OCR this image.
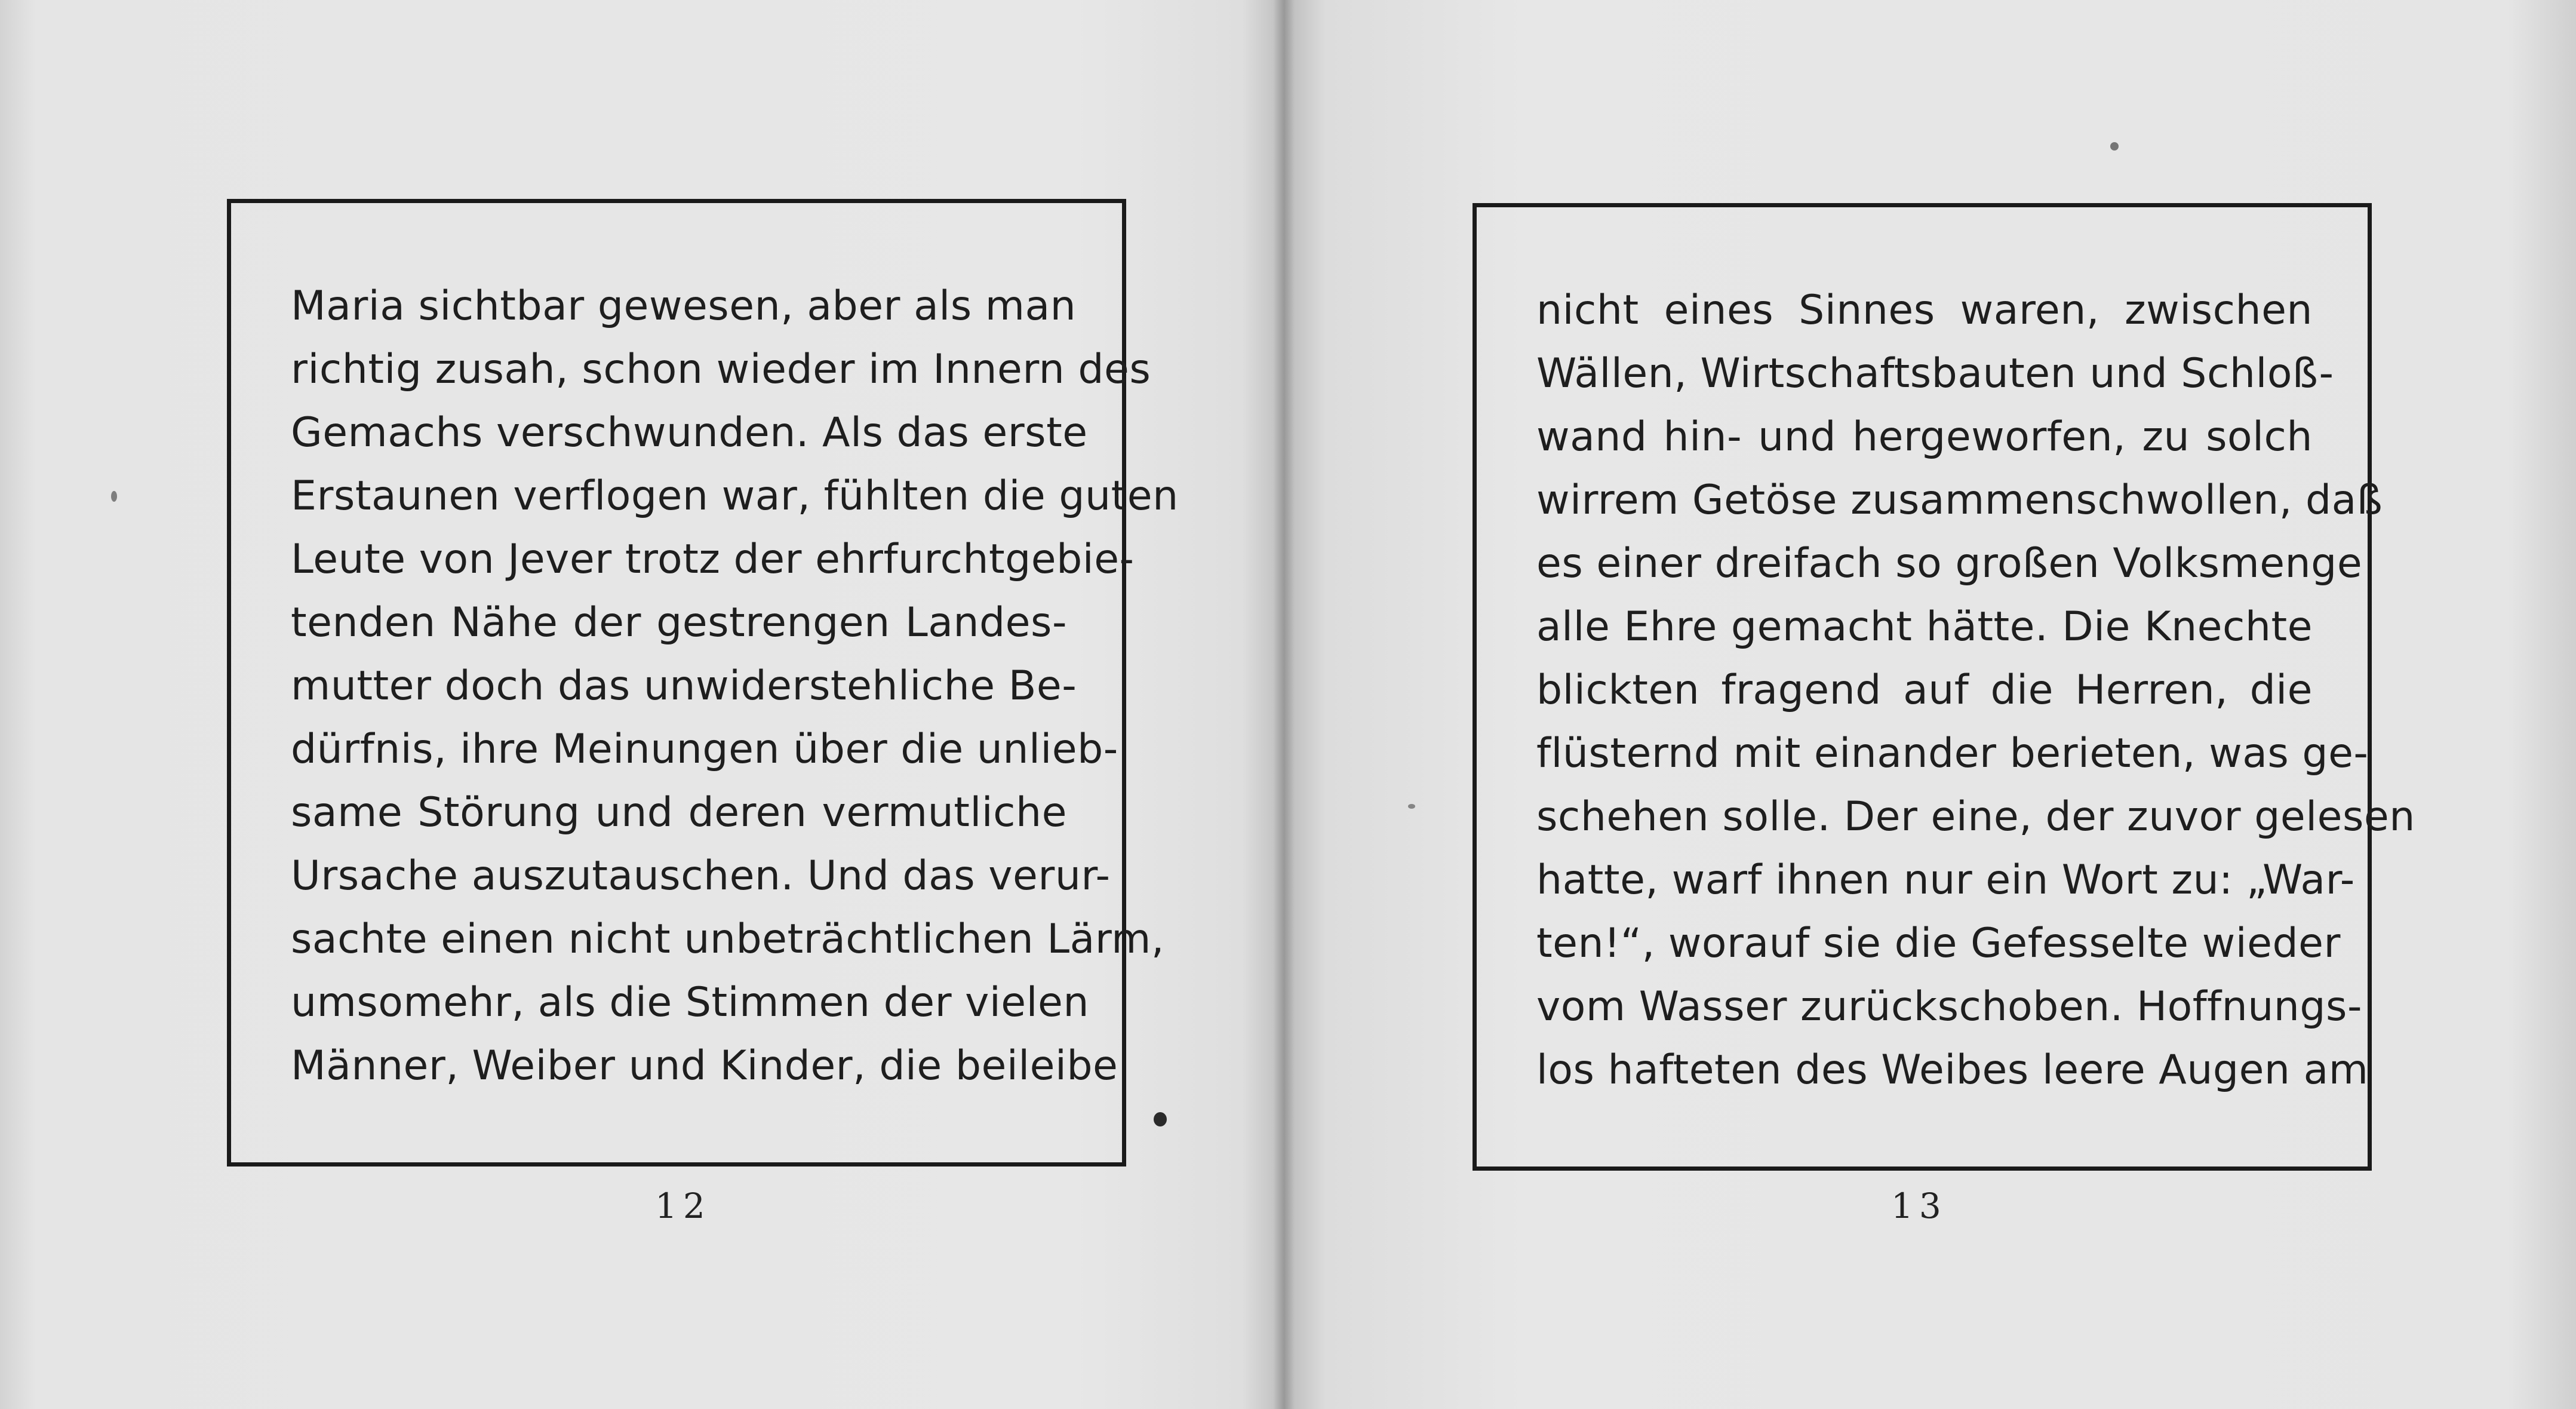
Maria sichtbar gewesen, aber als man
richtig zusah, schon wieder im Innern des
Gemachs verschwunden. Als das erste
Erstaunen verflogen war, fühlten die guten
Leute von Jever trotz der ehrfurchtgebie-
tenden Nähe der gestrengen Landes-
mutter doch das unwiderstehliche Be-
dürfnis, ihre Meinungen über die unlieb-
same Störung und deren vermutliche
Ursache auszutauschen. Und das verur-
sachte einen nicht unbeträchtlichen Lärm,
umsomehr, als die Stimmen der vielen
Männer, Weiber und Kinder, die beileibe
12
nicht eines Sinnes waren, zwischen
Wällen, Wirtschaftsbauten und Schloß-
wand hin- und hergeworfen, zu solch
wirrem Getöse zusammenschwollen, daß
es einer dreifach so großen Volksmenge
alle Ehre gemacht hätte. Die Knechte
blickten fragend auf die Herren, die
flüsternd mit einander berieten, was ge-
schehen solle. Der eine, der zuvor gelesen
hatte, warf ihnen nur ein Wort zu: „War-
ten!“, worauf sie die Gefesselte wieder
vom Wasser zurückschoben. Hoffnungs-
los hafteten des Weibes leere Augen am
13
